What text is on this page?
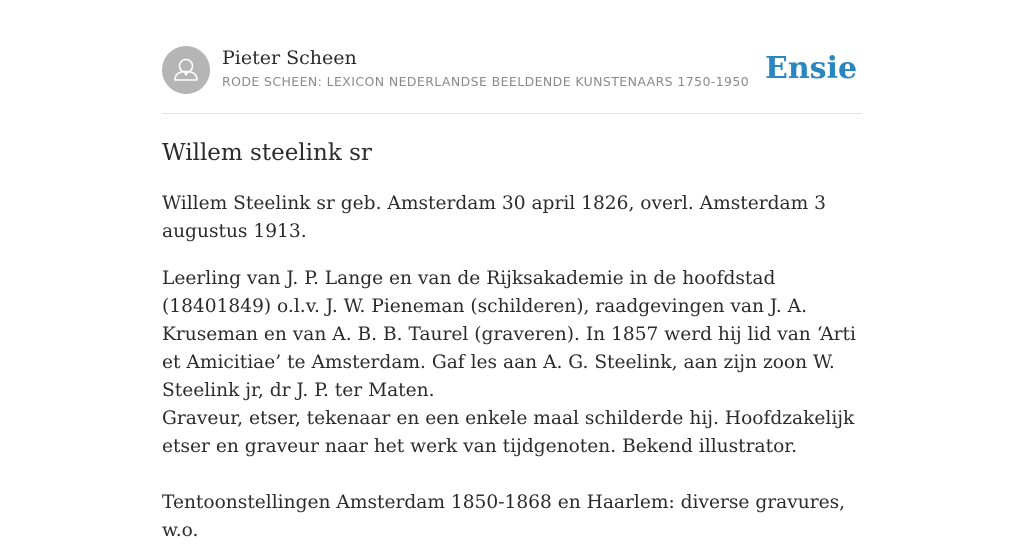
Pieter Scheen
RODE SCHEEN: LEXICON NEDERLANDSE BEELDENDE KUNSTENAARS 1750-1950 Ensie
Willem steelink sr

Willem Steelink sr geb. Amsterdam 30 april 1826, overl. Amsterdam 3 augustus 1913.

Leerling van J. P. Lange en van de Rijksakademie in de hoofdstad (18401849) o.l.v. J. W. Pieneman (schilderen), raadgevingen van J. A. Kruseman en van A. B. B. Taurel (graveren). In 1857 werd hij lid van ‘Arti et Amicitiae’ te Amsterdam. Gaf les aan A. G. Steelink, aan zijn zoon W. Steelink jr, dr J. P. ter Maten.

Graveur, etser, tekenaar en een enkele maal schilderde hij. Hoofdzakelijk etser en graveur naar het werk van tijdgenoten. Bekend illustrator.

Tentoonstellingen Amsterdam 1850-1868 en Haarlem: diverse gravures, w.o.
